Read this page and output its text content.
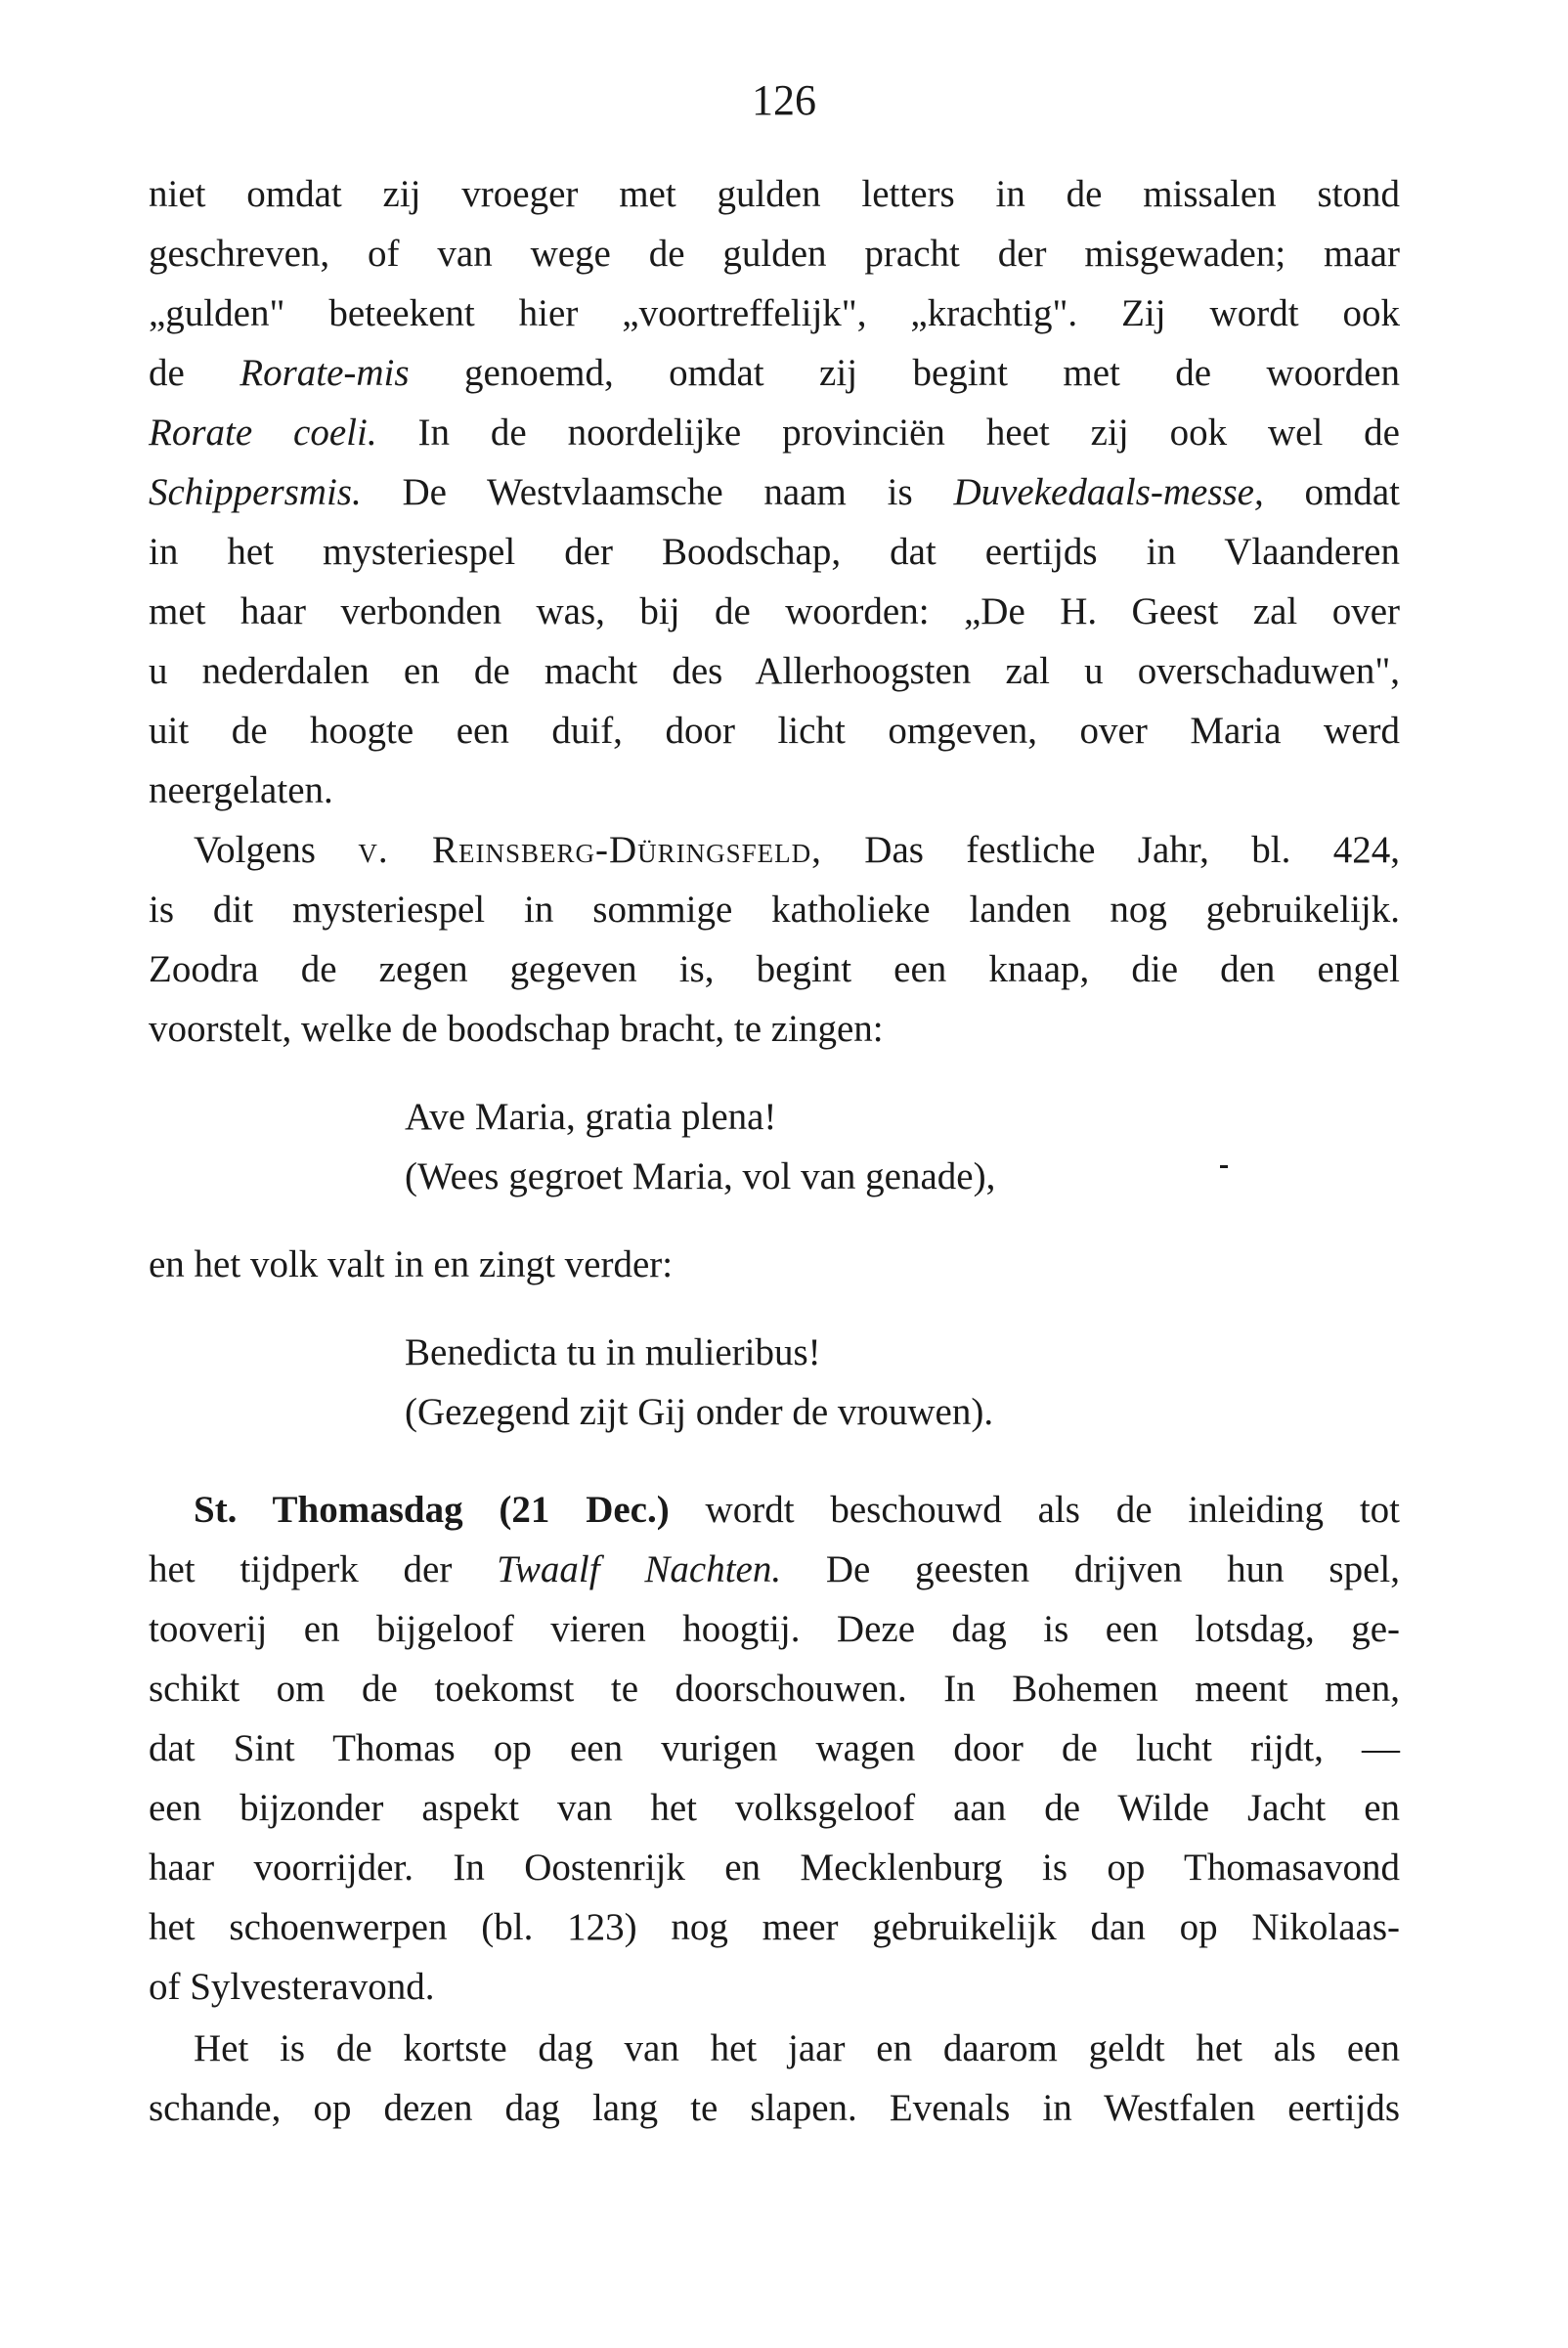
126
niet omdat zij vroeger met gulden letters in de missalen stond
geschreven, of van wege de gulden pracht der misgewaden; maar
„gulden" beteekent hier „voortreffelijk", „krachtig". Zij wordt ook
de Rorate-mis genoemd, omdat zij begint met de woorden
Rorate coeli. In de noordelijke provinciën heet zij ook wel de
Schippersmis. De Westvlaamsche naam is Duvekedaals-messe, omdat
in het mysteriespel der Boodschap, dat eertijds in Vlaanderen
met haar verbonden was, bij de woorden: „De H. Geest zal over
u nederdalen en de macht des Allerhoogsten zal u overschaduwen",
uit de hoogte een duif, door licht omgeven, over Maria werd
neergelaten.
Volgens v. Reinsberg-Düringsfeld, Das festliche Jahr, bl. 424,
is dit mysteriespel in sommige katholieke landen nog gebruikelijk.
Zoodra de zegen gegeven is, begint een knaap, die den engel
voorstelt, welke de boodschap bracht, te zingen:
Ave Maria, gratia plena!
(Wees gegroet Maria, vol van genade),
en het volk valt in en zingt verder:
Benedicta tu in mulieribus!
(Gezegend zijt Gij onder de vrouwen).
St. Thomasdag (21 Dec.) wordt beschouwd als de inleiding tot
het tijdperk der Twaalf Nachten. De geesten drijven hun spel,
tooverij en bijgeloof vieren hoogtij. Deze dag is een lotsdag, ge-
schikt om de toekomst te doorschouwen. In Bohemen meent men,
dat Sint Thomas op een vurigen wagen door de lucht rijdt, —
een bijzonder aspekt van het volksgeloof aan de Wilde Jacht en
haar voorrijder. In Oostenrijk en Mecklenburg is op Thomasavond
het schoenwerpen (bl. 123) nog meer gebruikelijk dan op Nikolaas-
of Sylvesteravond.
Het is de kortste dag van het jaar en daarom geldt het als een
schande, op dezen dag lang te slapen. Evenals in Westfalen eertijds
